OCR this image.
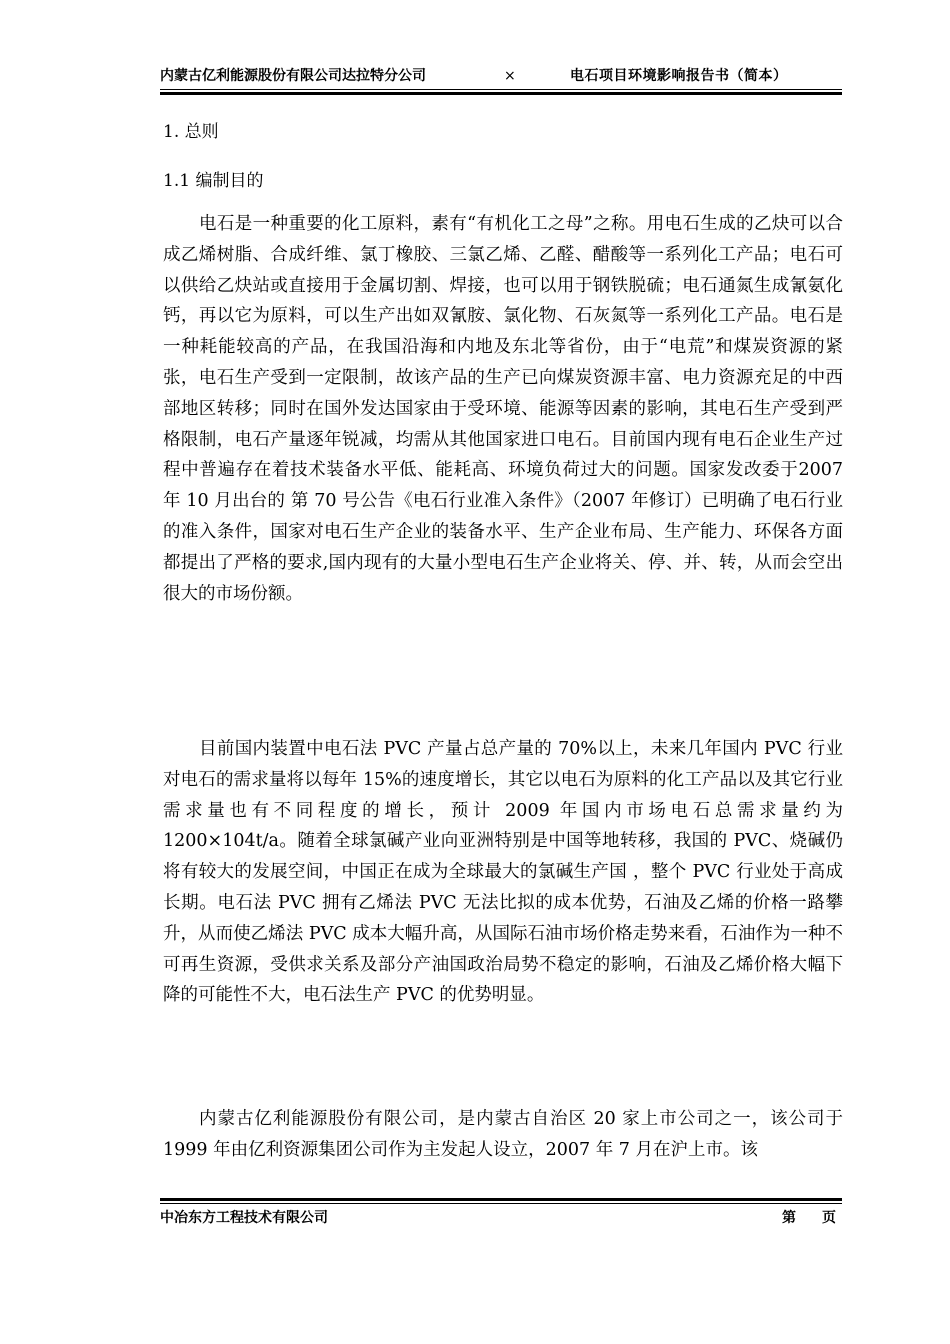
内蒙古亿利能源股份有限公司达拉特分公司	×	电石项目环境影响报告书（简本）
1. 总则
1.1 编制目的

电石是一种重要的化工原料，素有“有机化工之母”之称。用电石生成的乙炔可以合成乙烯树脂、合成纤维、氯丁橡胶、三氯乙烯、乙醛、醋酸等一系列化工产品；电石可以供给乙炔站或直接用于金属切割、焊接，也可以用于钢铁脱硫；电石通氮生成氰氨化钙，再以它为原料，可以生产出如双氰胺、氯化物、石灰氮等一系列化工产品。电石是一种耗能较高的产品，在我国沿海和内地及东北等省份，由于“电荒”和煤炭资源的紧张，电石生产受到一定限制，故该产品的生产已向煤炭资源丰富、电力资源充足的中西部地区转移；同时在国外发达国家由于受环境、能源等因素的影响，其电石生产受到严格限制，电石产量逐年锐减，均需从其他国家进口电石。目前国内现有电石企业生产过程中普遍存在着技术装备水平低、能耗高、环境负荷过大的问题。国家发改委于2007 年 10 月出台的 第 70 号公告《电石行业准入条件》（2007 年修订）已明确了电石行业的准入条件，国家对电石生产企业的装备水平、生产企业布局、生产能力、环保各方面都提出了严格的要求,国内现有的大量小型电石生产企业将关、停、并、转，从而会空出很大的市场份额。

目前国内装置中电石法 PVC 产量占总产量的 70%以上，未来几年国内 PVC 行业对电石的需求量将以每年 15%的速度增长，其它以电石为原料的化工产品以及其它行业需求量也有不同程度的增长，预计 2009 年国内市场电石总需求量约为 1200×104t/a。随着全球氯碱产业向亚洲特别是中国等地转移，我国的 PVC、烧碱仍将有较大的发展空间，中国正在成为全球最大的氯碱生产国 ，整个 PVC 行业处于高成长期。电石法 PVC 拥有乙烯法 PVC 无法比拟的成本优势，石油及乙烯的价格一路攀升，从而使乙烯法 PVC 成本大幅升高，从国际石油市场价格走势来看，石油作为一种不可再生资源，受供求关系及部分产油国政治局势不稳定的影响，石油及乙烯价格大幅下降的可能性不大，电石法生产 PVC 的优势明显。

内蒙古亿利能源股份有限公司，是内蒙古自治区 20 家上市公司之一，该公司于 1999 年由亿利资源集团公司作为主发起人设立，2007 年 7 月在沪上市。该

中冶东方工程技术有限公司	第 页
